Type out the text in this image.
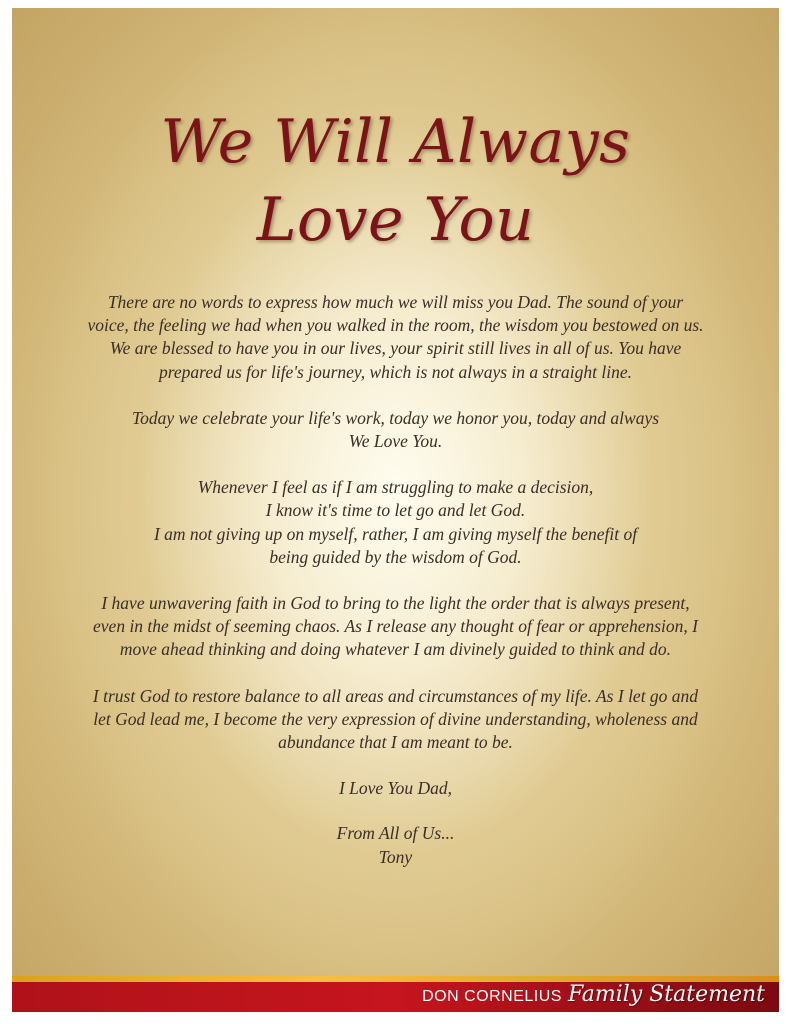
We Will Always
Love You

There are no words to express how much we will miss you Dad. The sound of your
voice, the feeling we had when you walked in the room, the wisdom you bestowed on us.
We are blessed to have you in our lives, your spirit still lives in all of us. You have
prepared us for life's journey, which is not always in a straight line.

Today we celebrate your life's work, today we honor you, today and always
We Love You.

Whenever I feel as if I am struggling to make a decision,
I know it's time to let go and let God.
I am not giving up on myself, rather, I am giving myself the benefit of
being guided by the wisdom of God.

I have unwavering faith in God to bring to the light the order that is always present,
even in the midst of seeming chaos. As I release any thought of fear or apprehension, I
move ahead thinking and doing whatever I am divinely guided to think and do.

I trust God to restore balance to all areas and circumstances of my life. As I let go and
let God lead me, I become the very expression of divine understanding, wholeness and
abundance that I am meant to be.

I Love You Dad,

From All of Us...
Tony

DON CORNELIUS Family Statement
